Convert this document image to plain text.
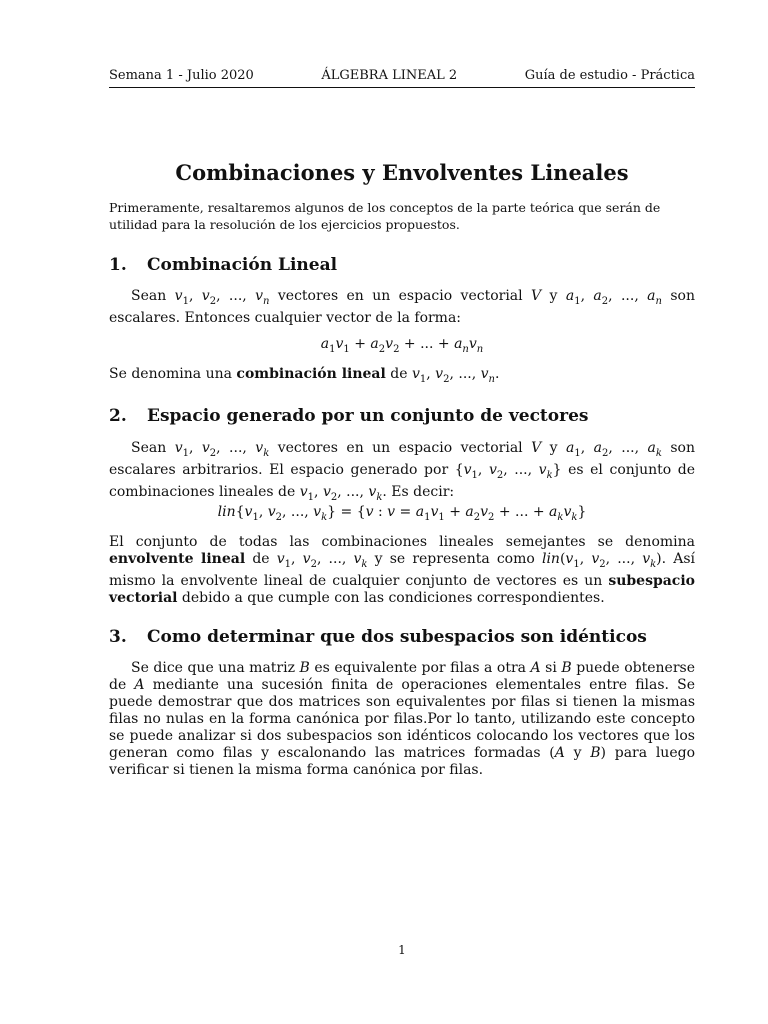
Semana 1 - Julio 2020	ÁLGEBRA LINEAL 2	Guía de estudio - Práctica
Combinaciones y Envolventes Lineales

Primeramente, resaltaremos algunos de los conceptos de la parte teórica que serán de utilidad para la resolución de los ejercicios propuestos.

1. Combinación Lineal

Sean $v_1$, $v_2$, ..., $v_n$ vectores en un espacio vectorial V y $a_1$, $a_2$, ..., $a_n$ son escalares. Entonces cualquier vector de la forma:

$a_1v_1 + a_2v_2$ + ... + $a_nv_n$

Se denomina una combinación lineal de $v_1$, $v_2$, ..., $v_n$.

2. Espacio generado por un conjunto de vectores

Sean $v_1$, $v_2$, ..., $v_k$ vectores en un espacio vectorial V y $a_1$, $a_2$, ..., $a_k$ son escalares arbitrarios. El espacio generado por {$v_1$, $v_2$, ..., $v_k$} es el conjunto de combinaciones lineales de $v_1$, $v_2$, ..., $v_k$. Es decir:

$lin\{v_1$, $v_2$, ..., $v_k\} = \{v$ : $v = a_1v_1 + a_2v_2$ + ... + $a_kv_k$}

El conjunto de todas las combinaciones lineales semejantes se denomina envolvente lineal de $v_1$, $v_2$, ..., $v_k$ y se representa como $lin(v_1$, $v_2$, ..., $v_k$). Así mismo la envolvente lineal de cualquier conjunto de vectores es un subespacio vectorial debido a que cumple con las condiciones correspondientes.

3. Como determinar que dos subespacios son idénticos

Se dice que una matriz B es equivalente por filas a otra A si B puede obtenerse de A mediante una sucesión finita de operaciones elementales entre filas. Se puede demostrar que dos matrices son equivalentes por filas si tienen la mismas filas no nulas en la forma canónica por filas.Por lo tanto, utilizando este concepto se puede analizar si dos subespacios son idénticos colocando los vectores que los generan como filas y escalonando las matrices formadas (A y B) para luego verificar si tienen la misma forma canónica por filas.

1
